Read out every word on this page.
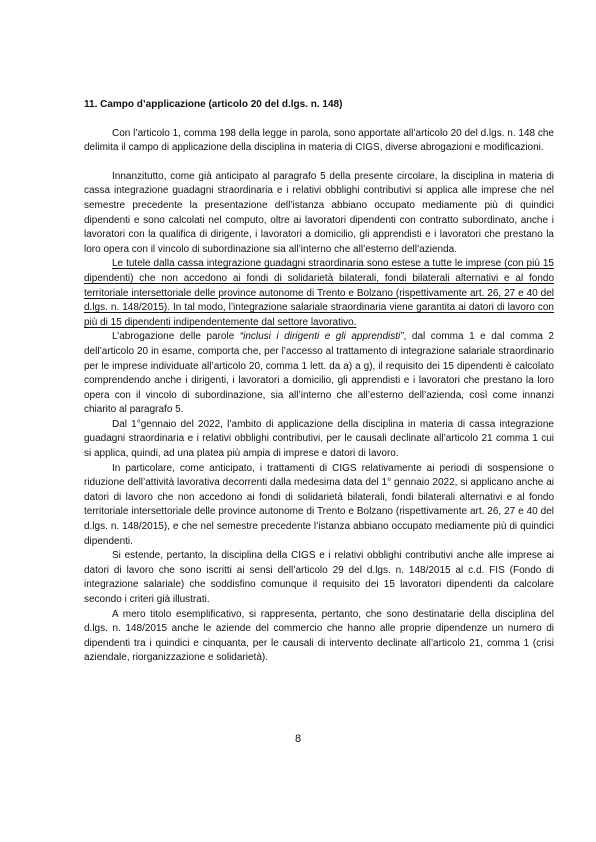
11. Campo d’applicazione (articolo 20 del d.lgs. n. 148)

Con l’articolo 1, comma 198 della legge in parola, sono apportate all’articolo 20 del d.lgs. n. 148 che delimita il campo di applicazione della disciplina in materia di CIGS, diverse abrogazioni e modificazioni.

Innanzitutto, come già anticipato al paragrafo 5 della presente circolare, la disciplina in materia di cassa integrazione guadagni straordinaria e i relativi obblighi contributivi si applica alle imprese che nel semestre precedente la presentazione dell’istanza abbiano occupato mediamente più di quindici dipendenti e sono calcolati nel computo, oltre ai lavoratori dipendenti con contratto subordinato, anche i lavoratori con la qualifica di dirigente, i lavoratori a domicilio, gli apprendisti e i lavoratori che prestano la loro opera con il vincolo di subordinazione sia all’interno che all’esterno dell’azienda.

Le tutele dalla cassa integrazione guadagni straordinaria sono estese a tutte le imprese (con più 15 dipendenti) che non accedono ai fondi di solidarietà bilaterali, fondi bilaterali alternativi e al fondo territoriale intersettoriale delle province autonome di Trento e Bolzano (rispettivamente art. 26, 27 e 40 del d.lgs. n. 148/2015). In tal modo, l’integrazione salariale straordinaria viene garantita ai datori di lavoro con più di 15 dipendenti indipendentemente dal settore lavorativo.

L’abrogazione delle parole “inclusi i dirigenti e gli apprendisti”, dal comma 1 e dal comma 2 dell’articolo 20 in esame, comporta che, per l’accesso al trattamento di integrazione salariale straordinario per le imprese individuate all’articolo 20, comma 1 lett. da a) a g), il requisito dei 15 dipendenti è calcolato comprendendo anche i dirigenti, i lavoratori a domicilio, gli apprendisti e i lavoratori che prestano la loro opera con il vincolo di subordinazione, sia all’interno che all’esterno dell’azienda, così come innanzi chiarito al paragrafo 5.

Dal 1°gennaio del 2022, l’ambito di applicazione della disciplina in materia di cassa integrazione guadagni straordinaria e i relativi obblighi contributivi, per le causali declinate all’articolo 21 comma 1 cui si applica, quindi, ad una platea più ampia di imprese e datori di lavoro.

In particolare, come anticipato, i trattamenti di CIGS relativamente ai periodi di sospensione o riduzione dell’attività lavorativa decorrenti dalla medesima data del 1° gennaio 2022, si applicano anche ai datori di lavoro che non accedono ai fondi di solidarietà bilaterali, fondi bilaterali alternativi e al fondo territoriale intersettoriale delle province autonome di Trento e Bolzano (rispettivamente art. 26, 27 e 40 del d.lgs. n. 148/2015), e che nel semestre precedente l’istanza abbiano occupato mediamente più di quindici dipendenti.

Si estende, pertanto, la disciplina della CIGS e i relativi obblighi contributivi anche alle imprese ai datori di lavoro che sono iscritti ai sensi dell’articolo 29 del d.lgs. n. 148/2015 al c.d. FIS (Fondo di integrazione salariale) che soddisfino comunque il requisito dei 15 lavoratori dipendenti da calcolare secondo i criteri già illustrati.

A mero titolo esemplificativo, si rappresenta, pertanto, che sono destinatarie della disciplina del d.lgs. n. 148/2015 anche le aziende del commercio che hanno alle proprie dipendenze un numero di dipendenti tra i quindici e cinquanta, per le causali di intervento declinate all’articolo 21, comma 1 (crisi aziendale, riorganizzazione e solidarietà).

8
